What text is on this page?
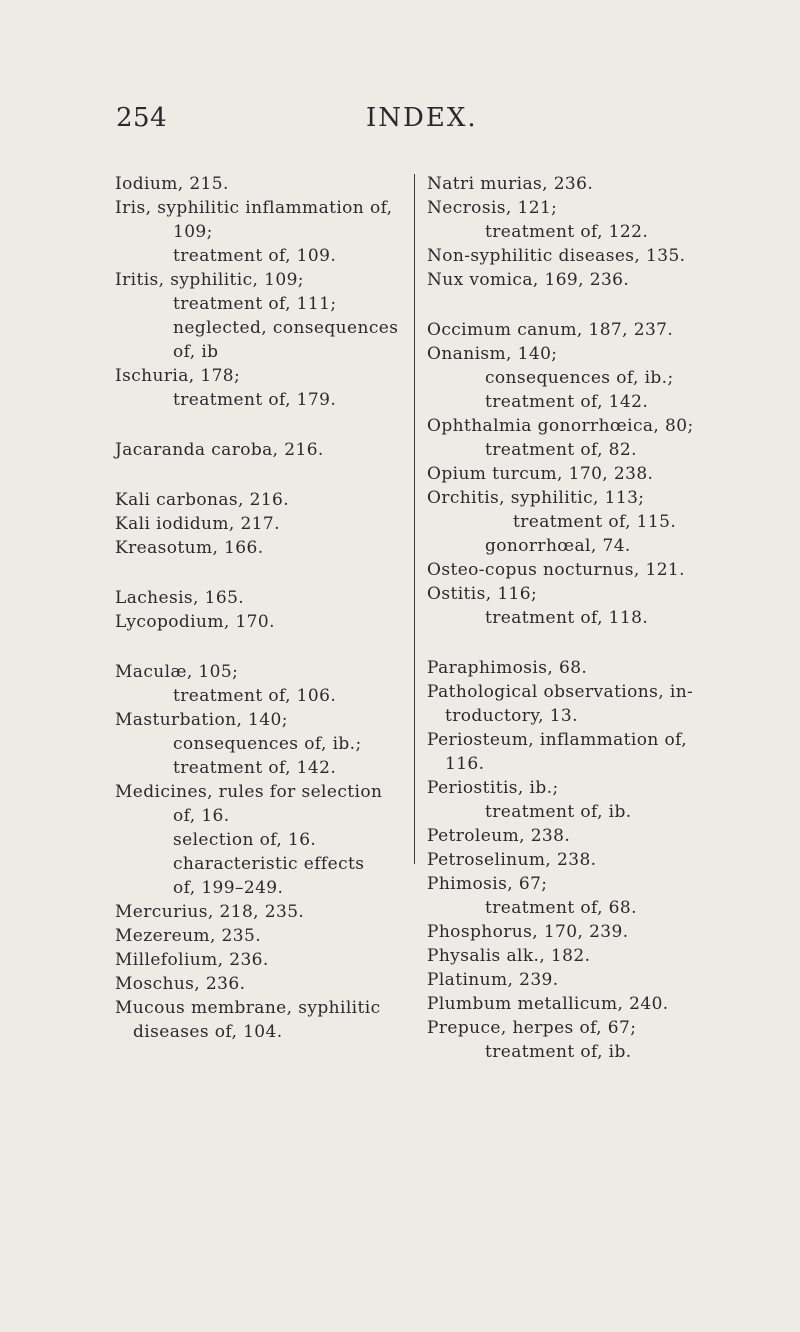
254	INDEX.
Iodium, 215.
Iris, syphilitic inflammation of,
109;
treatment of, 109.
Iritis, syphilitic, 109;
treatment of, 111;
neglected, consequences
of, ib
Ischuria, 178;
treatment of, 179.
Jacaranda caroba, 216.
Kali carbonas, 216.
Kali iodidum, 217.
Kreasotum, 166.
Lachesis, 165.
Lycopodium, 170.
Maculæ, 105;
treatment of, 106.
Masturbation, 140;
consequences of, ib.;
treatment of, 142.
Medicines, rules for selection
of, 16.
selection of, 16.
characteristic effects
of, 199–249.
Mercurius, 218, 235.
Mezereum, 235.
Millefolium, 236.
Moschus, 236.
Mucous membrane, syphilitic
diseases of, 104.
Natri murias, 236.
Necrosis, 121;
treatment of, 122.
Non-syphilitic diseases, 135.
Nux vomica, 169, 236.
Occimum canum, 187, 237.
Onanism, 140;
consequences of, ib.;
treatment of, 142.
Ophthalmia gonorrhœica, 80;
treatment of, 82.
Opium turcum, 170, 238.
Orchitis, syphilitic, 113;
treatment of, 115.
gonorrhœal, 74.
Osteo-copus nocturnus, 121.
Ostitis, 116;
treatment of, 118.
Paraphimosis, 68.
Pathological observations, in-
troductory, 13.
Periosteum, inflammation of,
116.
Periostitis, ib.;
treatment of, ib.
Petroleum, 238.
Petroselinum, 238.
Phimosis, 67;
treatment of, 68.
Phosphorus, 170, 239.
Physalis alk., 182.
Platinum, 239.
Plumbum metallicum, 240.
Prepuce, herpes of, 67;
treatment of, ib.
